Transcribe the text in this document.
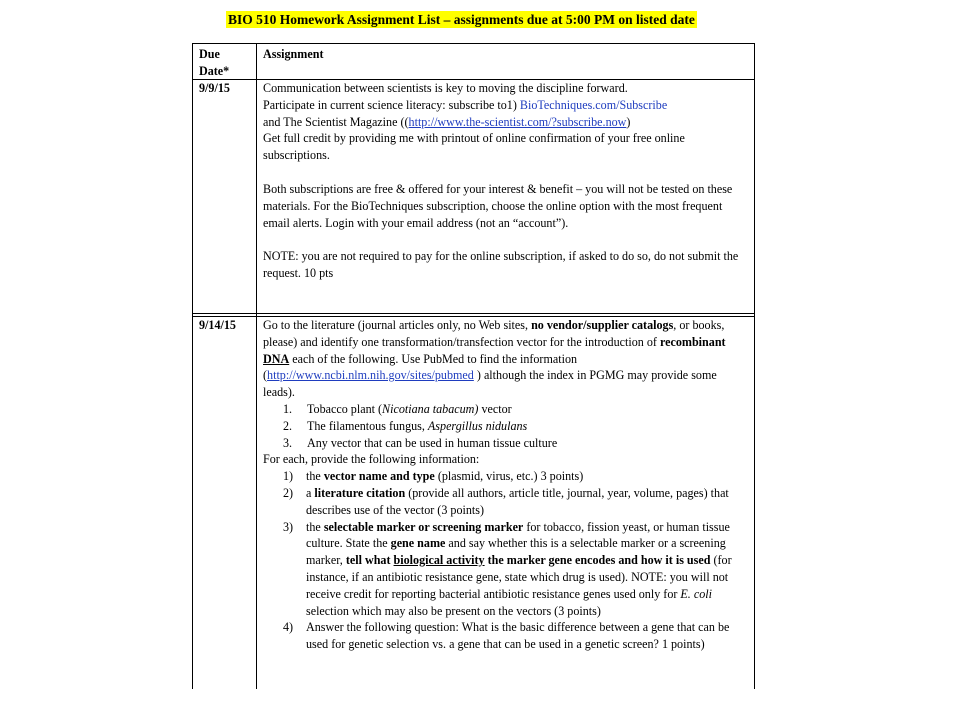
BIO 510 Homework Assignment List – assignments due at 5:00 PM on listed date
Due
Date*
Assignment
9/9/15	Communication between scientists is key to moving the discipline forward.
Participate in current science literacy: subscribe to1) BioTechniques.com/Subscribe
and The Scientist Magazine ((http://www.the-scientist.com/?subscribe.now)
Get full credit by providing me with printout of online confirmation of your free online subscriptions.

Both subscriptions are free & offered for your interest & benefit – you will not be tested on these materials. For the BioTechniques subscription, choose the online option with the most frequent email alerts. Login with your email address (not an “account”).

NOTE: you are not required to pay for the online subscription, if asked to do so, do not submit the request. 10 pts

9/14/15 Go to the literature (journal articles only, no Web sites, no vendor/supplier catalogs, or books, please) and identify one transformation/transfection vector for the introduction of recombinant DNA each of the following. Use PubMed to find the information (http://www.ncbi.nlm.nih.gov/sites/pubmed ) although the index in PGMG may provide some leads).

1. Tobacco plant (Nicotiana tabacum) vector
2. The filamentous fungus, Aspergillus nidulans
3. Any vector that can be used in human tissue culture

For each, provide the following information:

1) the vector name and type (plasmid, virus, etc.) 3 points)
2) a literature citation (provide all authors, article title, journal, year, volume, pages) that describes use of the vector (3 points)
3) the selectable marker or screening marker for tobacco, fission yeast, or human tissue culture. State the gene name and say whether this is a selectable marker or a screening marker, tell what biological activity the marker gene encodes and how it is used (for instance, if an antibiotic resistance gene, state which drug is used). NOTE: you will not receive credit for reporting bacterial antibiotic resistance genes used only for E. coli selection which may also be present on the vectors (3 points)
4) Answer the following question: What is the basic difference between a gene that can be used for genetic selection vs. a gene that can be used in a genetic screen? 1 points)
